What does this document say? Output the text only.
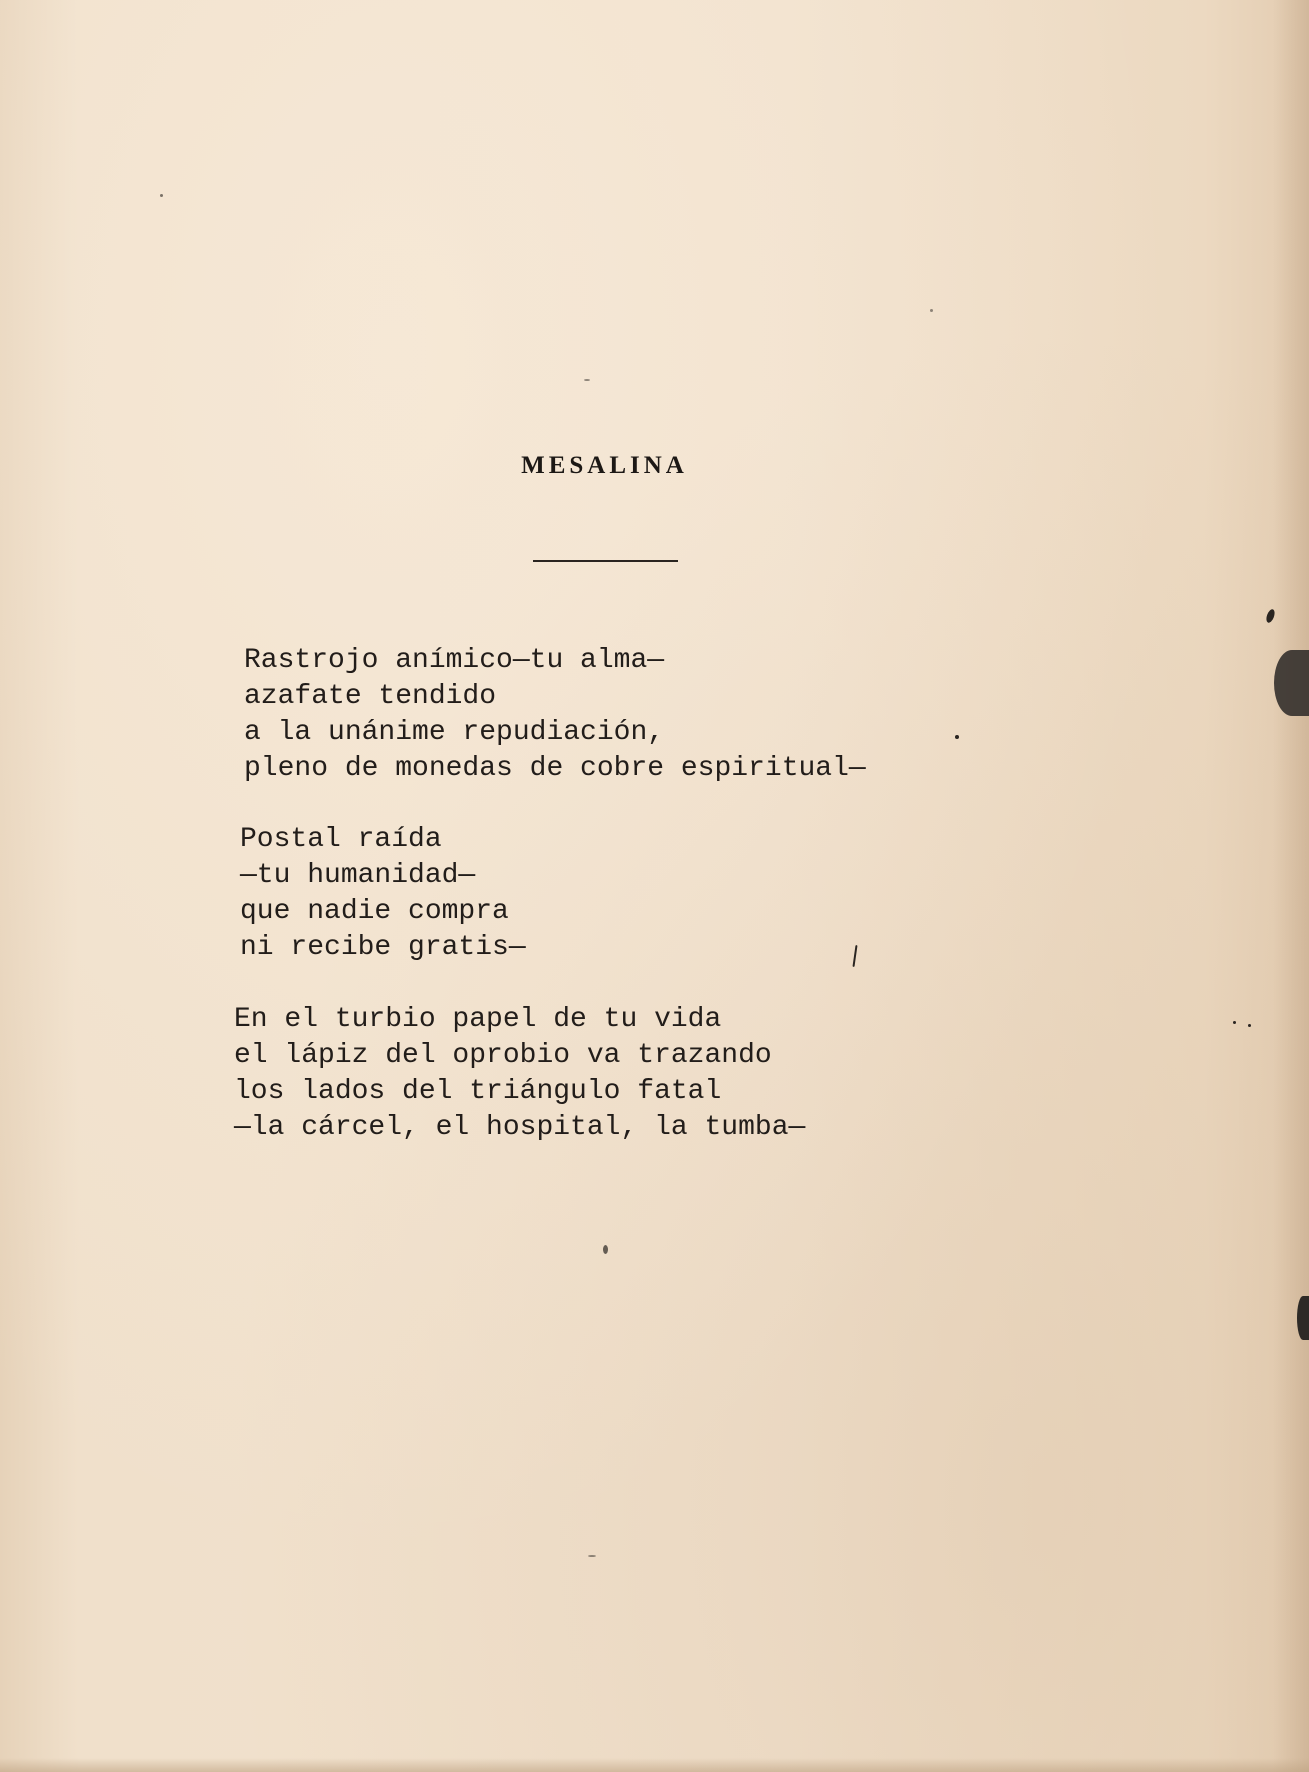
MESALINA
Rastrojo anímico—tu alma—
azafate tendido
a la unánime repudiación,
pleno de monedas de cobre espiritual—
Postal raída
—tu humanidad—
que nadie compra
ni recibe gratis—
En el turbio papel de tu vida
el lápiz del oprobio va trazando
los lados del triángulo fatal
—la cárcel, el hospital, la tumba—
